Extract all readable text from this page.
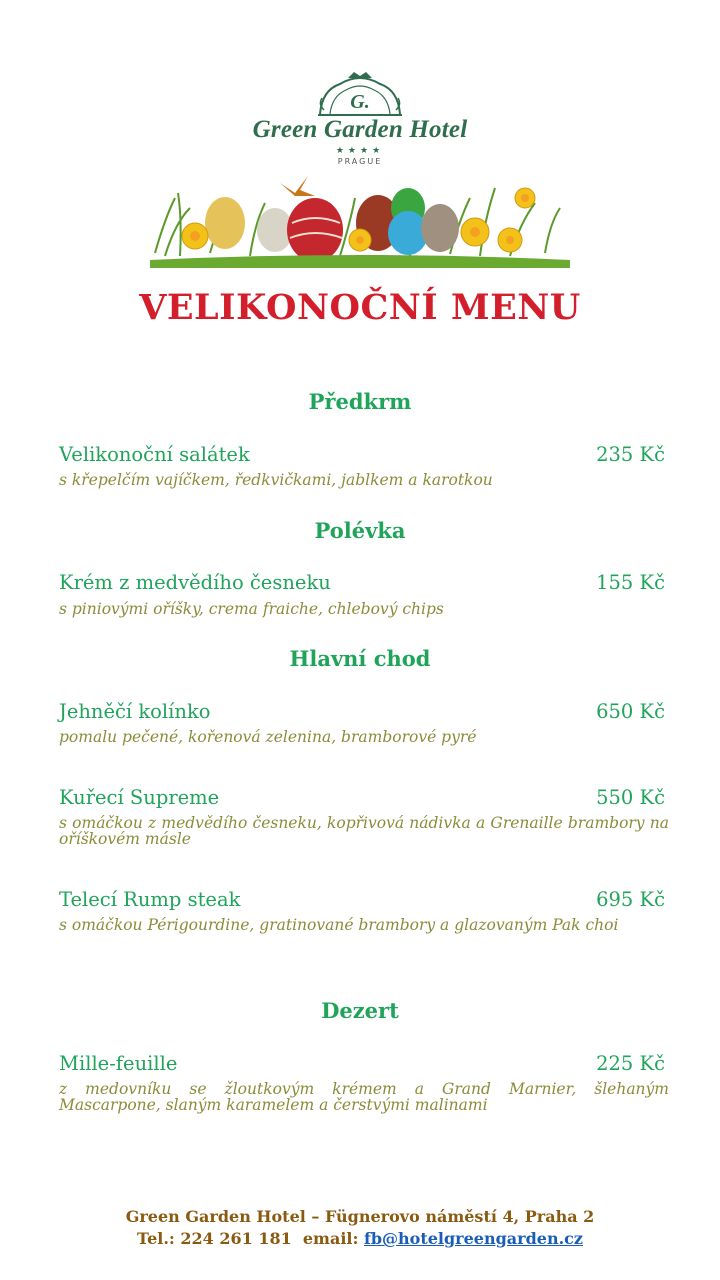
G.
Green Garden Hotel
★★★★
PRAGUE
VELIKONOČNÍ MENU
Předkrm
Velikonoční salátek	235 Kč
s křepelčím vajíčkem, ředkvičkami, jablkem a karotkou
Polévka
Krém z medvědího česneku	155 Kč
s piniovými oříšky, crema fraiche, chlebový chips
Hlavní chod
Jehněčí kolínko	650 Kč
pomalu pečené, kořenová zelenina, bramborové pyré
Kuřecí Supreme	550 Kč
s omáčkou z medvědího česneku, kopřivová nádivka a Grenaille brambory na oříškovém másle
Telecí Rump steak	695 Kč
s omáčkou Périgourdine, gratinované brambory a glazovaným Pak choi
Dezert
Mille-feuille	225 Kč
z medovníku se žloutkovým krémem a Grand Marnier, šlehaným Mascarpone, slaným karamelem a čerstvými malinami
Green Garden Hotel – Fügnerovo náměstí 4, Praha 2
Tel.: 224 261 181  email: fb@hotelgreengarden.cz
